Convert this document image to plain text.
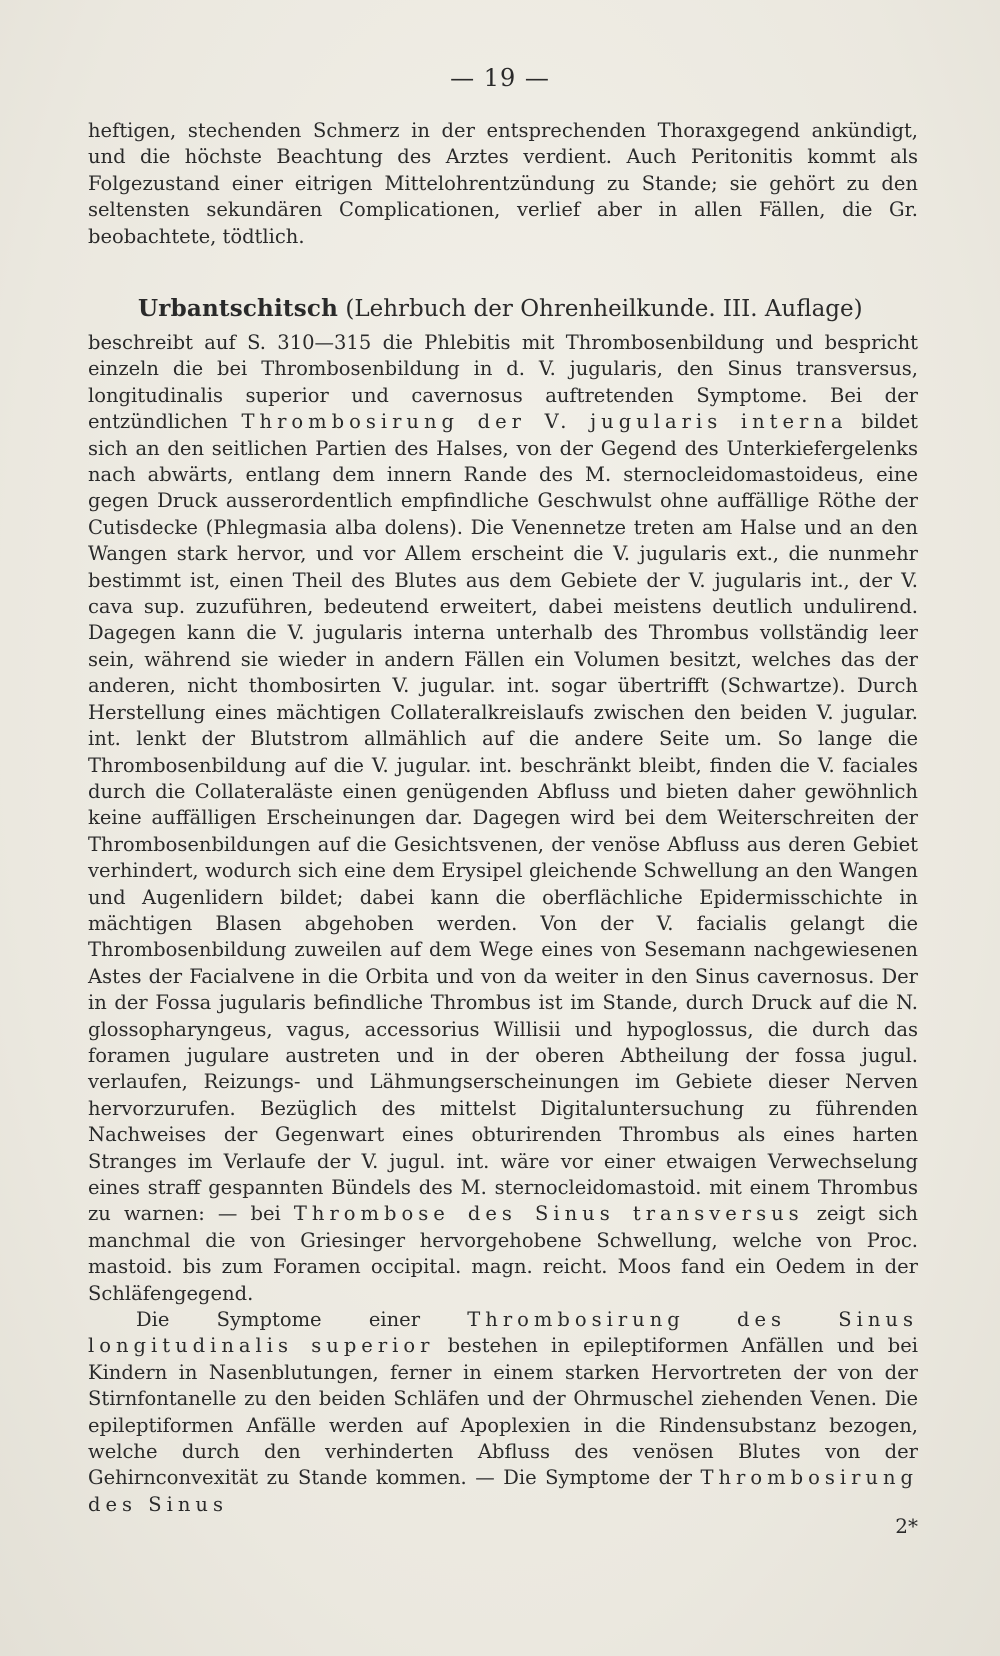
— 19 —

heftigen, stechenden Schmerz in der entsprechenden Thoraxgegend ankündigt, und die höchste Beachtung des Arztes verdient. Auch Peritonitis kommt als Folgezustand einer eitrigen Mittelohrentzündung zu Stande; sie gehört zu den seltensten sekundären Complicationen, verlief aber in allen Fällen, die Gr. beobachtete, tödtlich.

Urbantschitsch (Lehrbuch der Ohrenheilkunde. III. Auflage)

beschreibt auf S. 310—315 die Phlebitis mit Thrombosenbildung und bespricht einzeln die bei Thrombosenbildung in d. V. jugularis, den Sinus transversus, longitudinalis superior und cavernosus auftretenden Symptome. Bei der entzündlichen Thrombosirung der V. jugularis interna bildet sich an den seitlichen Partien des Halses, von der Gegend des Unterkiefergelenks nach abwärts, entlang dem innern Rande des M. sternocleidomastoideus, eine gegen Druck ausserordentlich empfindliche Geschwulst ohne auffällige Röthe der Cutisdecke (Phlegmasia alba dolens). Die Venennetze treten am Halse und an den Wangen stark hervor, und vor Allem erscheint die V. jugularis ext., die nunmehr bestimmt ist, einen Theil des Blutes aus dem Gebiete der V. jugularis int., der V. cava sup. zuzuführen, bedeutend erweitert, dabei meistens deutlich undulirend. Dagegen kann die V. jugularis interna unterhalb des Thrombus vollständig leer sein, während sie wieder in andern Fällen ein Volumen besitzt, welches das der anderen, nicht thombosirten V. jugular. int. sogar übertrifft (Schwartze). Durch Herstellung eines mächtigen Collateralkreislaufs zwischen den beiden V. jugular. int. lenkt der Blutstrom allmählich auf die andere Seite um. So lange die Thrombosenbildung auf die V. jugular. int. beschränkt bleibt, finden die V. faciales durch die Collateraläste einen genügenden Abfluss und bieten daher gewöhnlich keine auffälligen Erscheinungen dar. Dagegen wird bei dem Weiterschreiten der Thrombosenbildungen auf die Gesichtsvenen, der venöse Abfluss aus deren Gebiet verhindert, wodurch sich eine dem Erysipel gleichende Schwellung an den Wangen und Augenlidern bildet; dabei kann die oberflächliche Epidermisschichte in mächtigen Blasen abgehoben werden. Von der V. facialis gelangt die Thrombosenbildung zuweilen auf dem Wege eines von Sesemann nachgewiesenen Astes der Facialvene in die Orbita und von da weiter in den Sinus cavernosus. Der in der Fossa jugularis befindliche Thrombus ist im Stande, durch Druck auf die N. glossopharyngeus, vagus, accessorius Willisii und hypoglossus, die durch das foramen jugulare austreten und in der oberen Abtheilung der fossa jugul. verlaufen, Reizungs- und Lähmungserscheinungen im Gebiete dieser Nerven hervorzurufen. Bezüglich des mittelst Digitaluntersuchung zu führenden Nachweises der Gegenwart eines obturirenden Thrombus als eines harten Stranges im Verlaufe der V. jugul. int. wäre vor einer etwaigen Verwechselung eines straff gespannten Bündels des M. sternocleidomastoid. mit einem Thrombus zu warnen: — bei Thrombose des Sinus transversus zeigt sich manchmal die von Griesinger hervorgehobene Schwellung, welche von Proc. mastoid. bis zum Foramen occipital. magn. reicht. Moos fand ein Oedem in der Schläfengegend.

Die Symptome einer Thrombosirung des Sinus longitudinalis superior bestehen in epileptiformen Anfällen und bei Kindern in Nasenblutungen, ferner in einem starken Hervortreten der von der Stirnfontanelle zu den beiden Schläfen und der Ohrmuschel ziehenden Venen. Die epileptiformen Anfälle werden auf Apoplexien in die Rindensubstanz bezogen, welche durch den verhinderten Abfluss des venösen Blutes von der Gehirnconvexität zu Stande kommen. — Die Symptome der Thrombosirung des Sinus

2*
